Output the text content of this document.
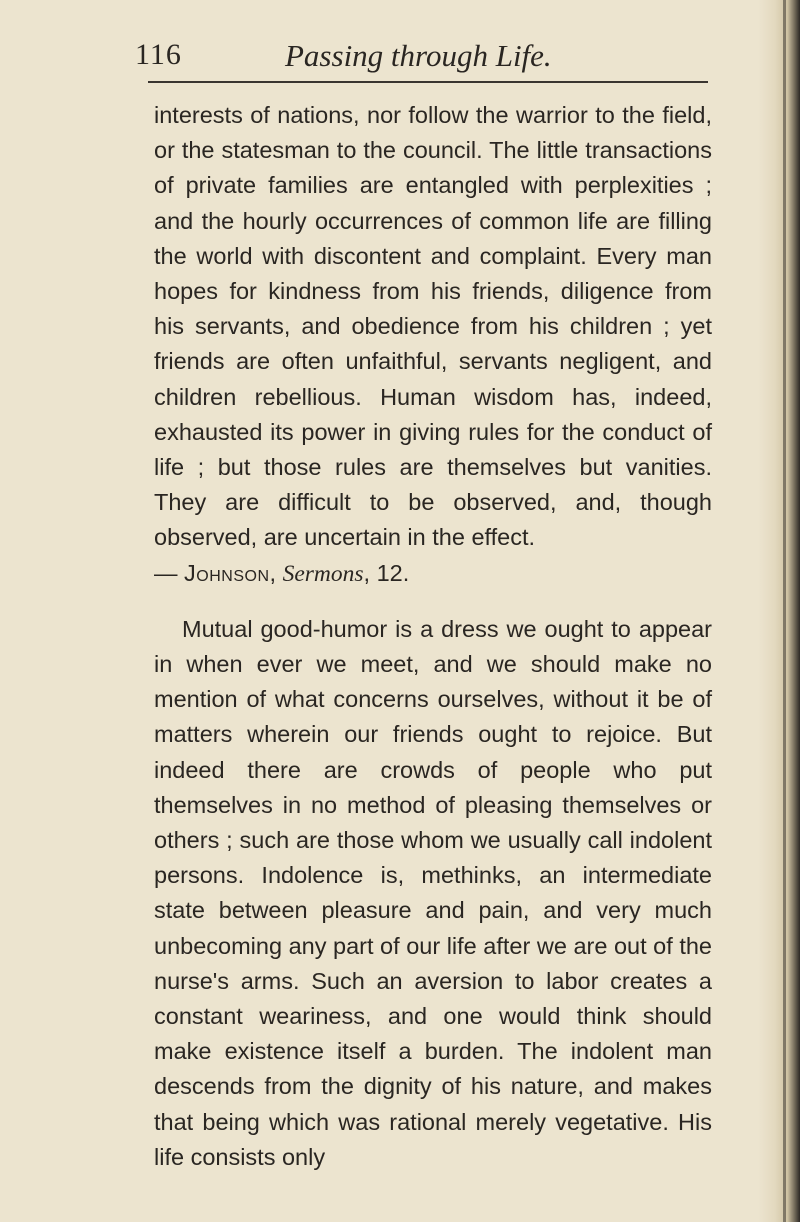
116	Passing through Life.

interests of nations, nor follow the warrior to the field, or the statesman to the council. The little transactions of private families are entangled with perplexities ; and the hourly occurrences of common life are filling the world with discontent and complaint. Every man hopes for kindness from his friends, diligence from his servants, and obedience from his children ; yet friends are often unfaithful, servants negligent, and children rebellious. Human wisdom has, indeed, exhausted its power in giving rules for the conduct of life ; but those rules are themselves but vanities. They are difficult to be observed, and, though observed, are uncertain in the effect.
— Johnson, Sermons, 12.

Mutual good-humor is a dress we ought to appear in when ever we meet, and we should make no mention of what concerns ourselves, without it be of matters wherein our friends ought to rejoice. But indeed there are crowds of people who put themselves in no method of pleasing themselves or others ; such are those whom we usually call indolent persons. Indolence is, methinks, an intermediate state between pleasure and pain, and very much unbecoming any part of our life after we are out of the nurse's arms. Such an aversion to labor creates a constant weariness, and one would think should make existence itself a burden. The indolent man descends from the dignity of his nature, and makes that being which was rational merely vegetative. His life consists only
